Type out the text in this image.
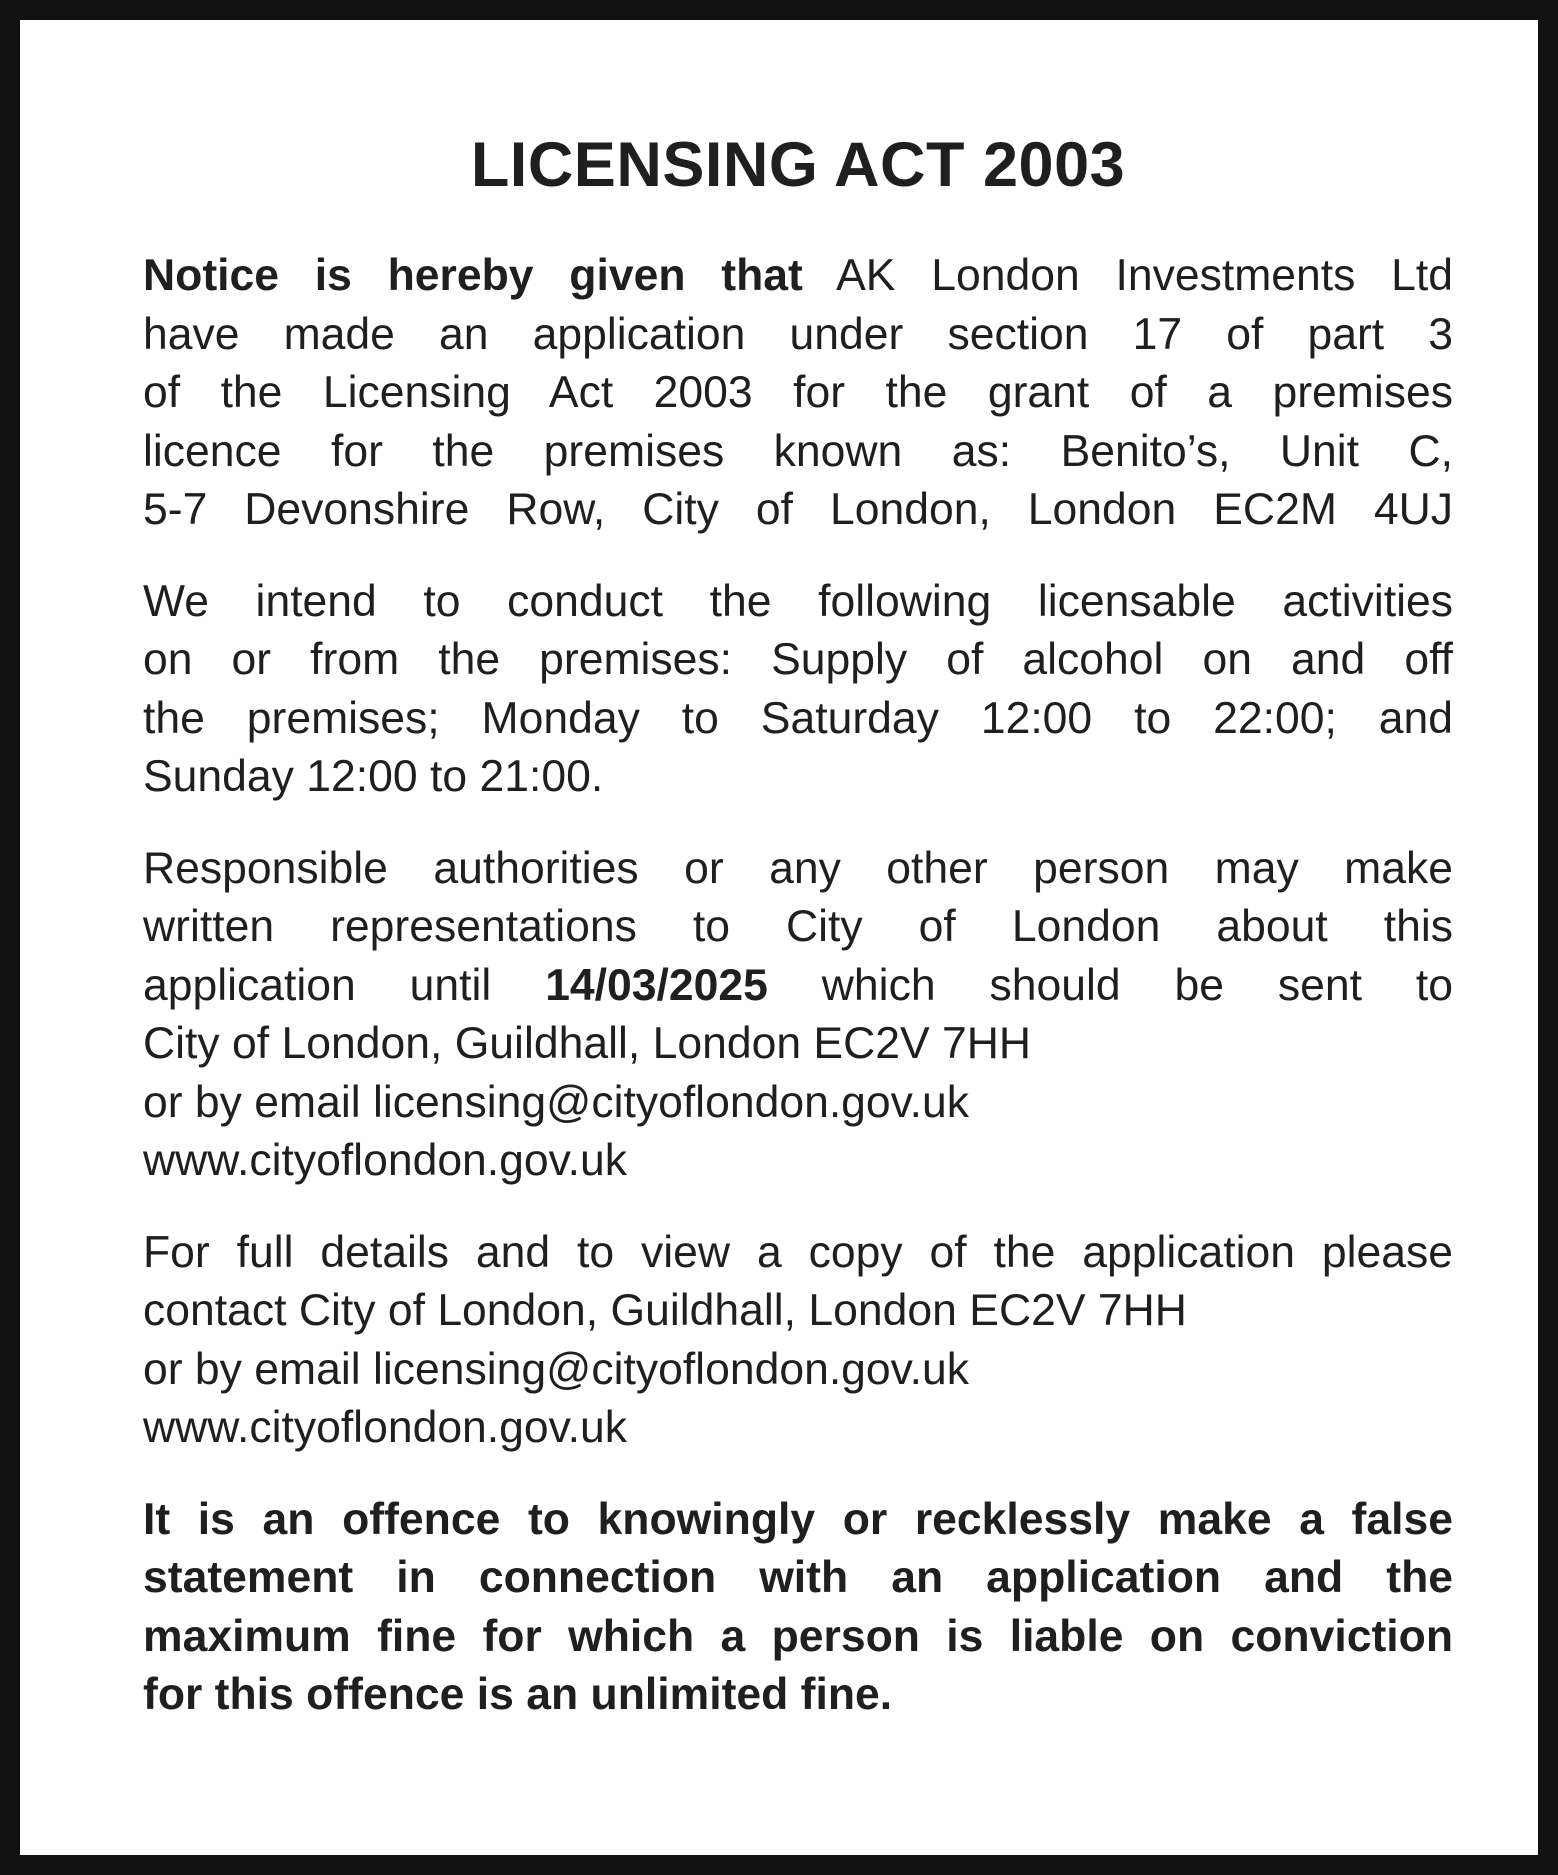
LICENSING ACT 2003

Notice is hereby given that AK London Investments Ltd
have made an application under section 17 of part 3
of the Licensing Act 2003 for the grant of a premises
licence for the premises known as: Benito’s, Unit C,
5-7 Devonshire Row, City of London, London EC2M 4UJ

We intend to conduct the following licensable activities
on or from the premises: Supply of alcohol on and off
the premises; Monday to Saturday 12:00 to 22:00; and
Sunday 12:00 to 21:00.

Responsible authorities or any other person may make
written representations to City of London about this
application until 14/03/2025 which should be sent to
City of London, Guildhall, London EC2V 7HH
or by email licensing@cityoflondon.gov.uk
www.cityoflondon.gov.uk

For full details and to view a copy of the application please
contact City of London, Guildhall, London EC2V 7HH
or by email licensing@cityoflondon.gov.uk
www.cityoflondon.gov.uk

It is an offence to knowingly or recklessly make a false
statement in connection with an application and the
maximum fine for which a person is liable on conviction
for this offence is an unlimited fine.
